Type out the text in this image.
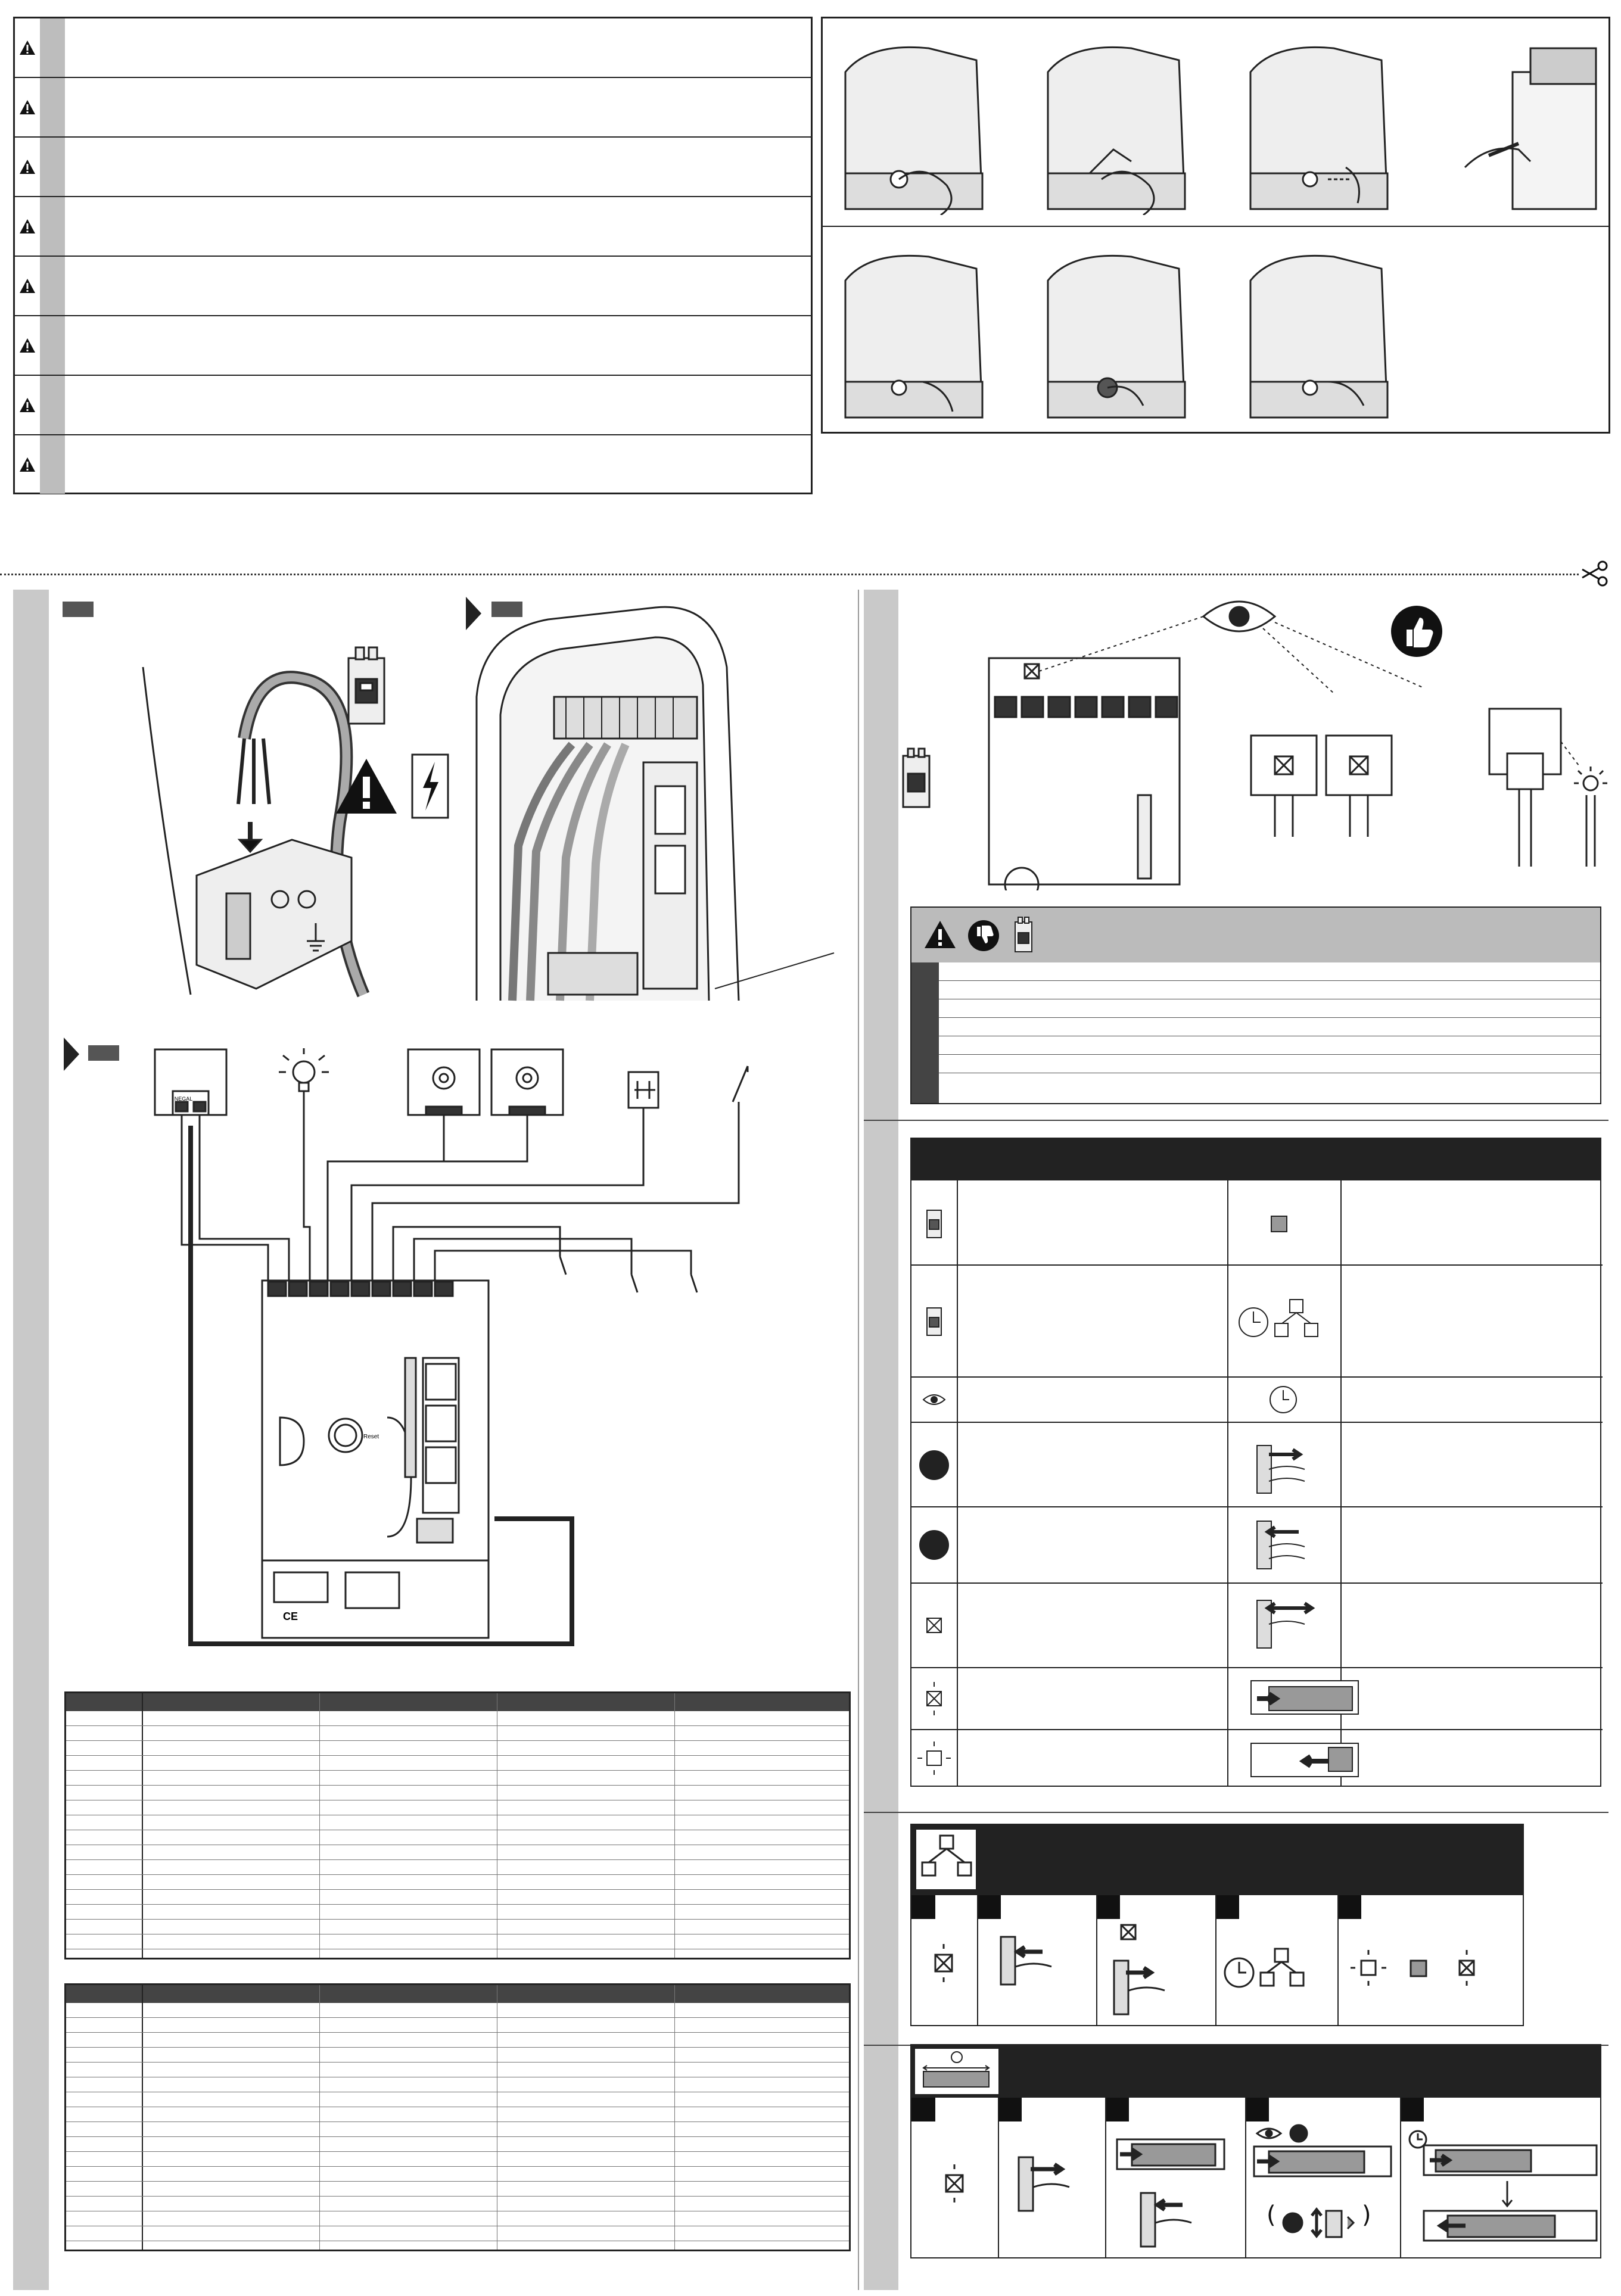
NEGAL
Reset
CE
(	)
